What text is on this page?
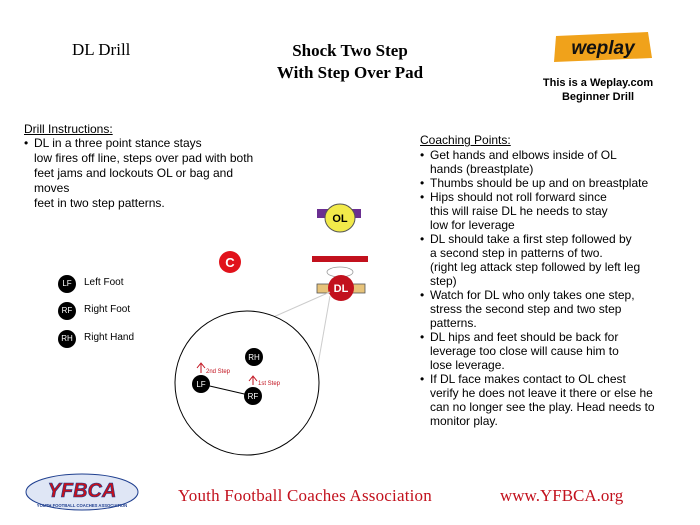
DL Drill	Shock Two Step
With Step Over Pad
weplay
This is a Weplay.com
Beginner Drill
Drill Instructions:
• DL in a three point stance stays
low fires off line, steps over pad with both
feet jams and lockouts OL or bag and
moves
feet in two step patterns.
Coaching Points:
• Get hands and elbows inside of OL
hands (breastplate)
• Thumbs should be up and on breastplate
• Hips should not roll forward since
this will raise DL he needs to stay
low for leverage
• DL should take a first step followed by
a second step in patterns of two.
(right leg attack step followed by left leg
step)
• Watch for DL who only takes one step,
stress the second step and two step
patterns.
• DL hips and feet should be back for
leverage too close will cause him to
lose leverage.
• If DL face makes contact to OL chest
verify he does not leave it there or else he
can no longer see the play. Head needs to
monitor play.
LF	Left Foot
RF	Right Foot
RH	Right Hand
OL
DL
C
RH
LF
RF
2nd Step
1st Step
YFBCA
YOUTH FOOTBALL COACHES ASSOCIATION
Youth Football Coaches Association	www.YFBCA.org
